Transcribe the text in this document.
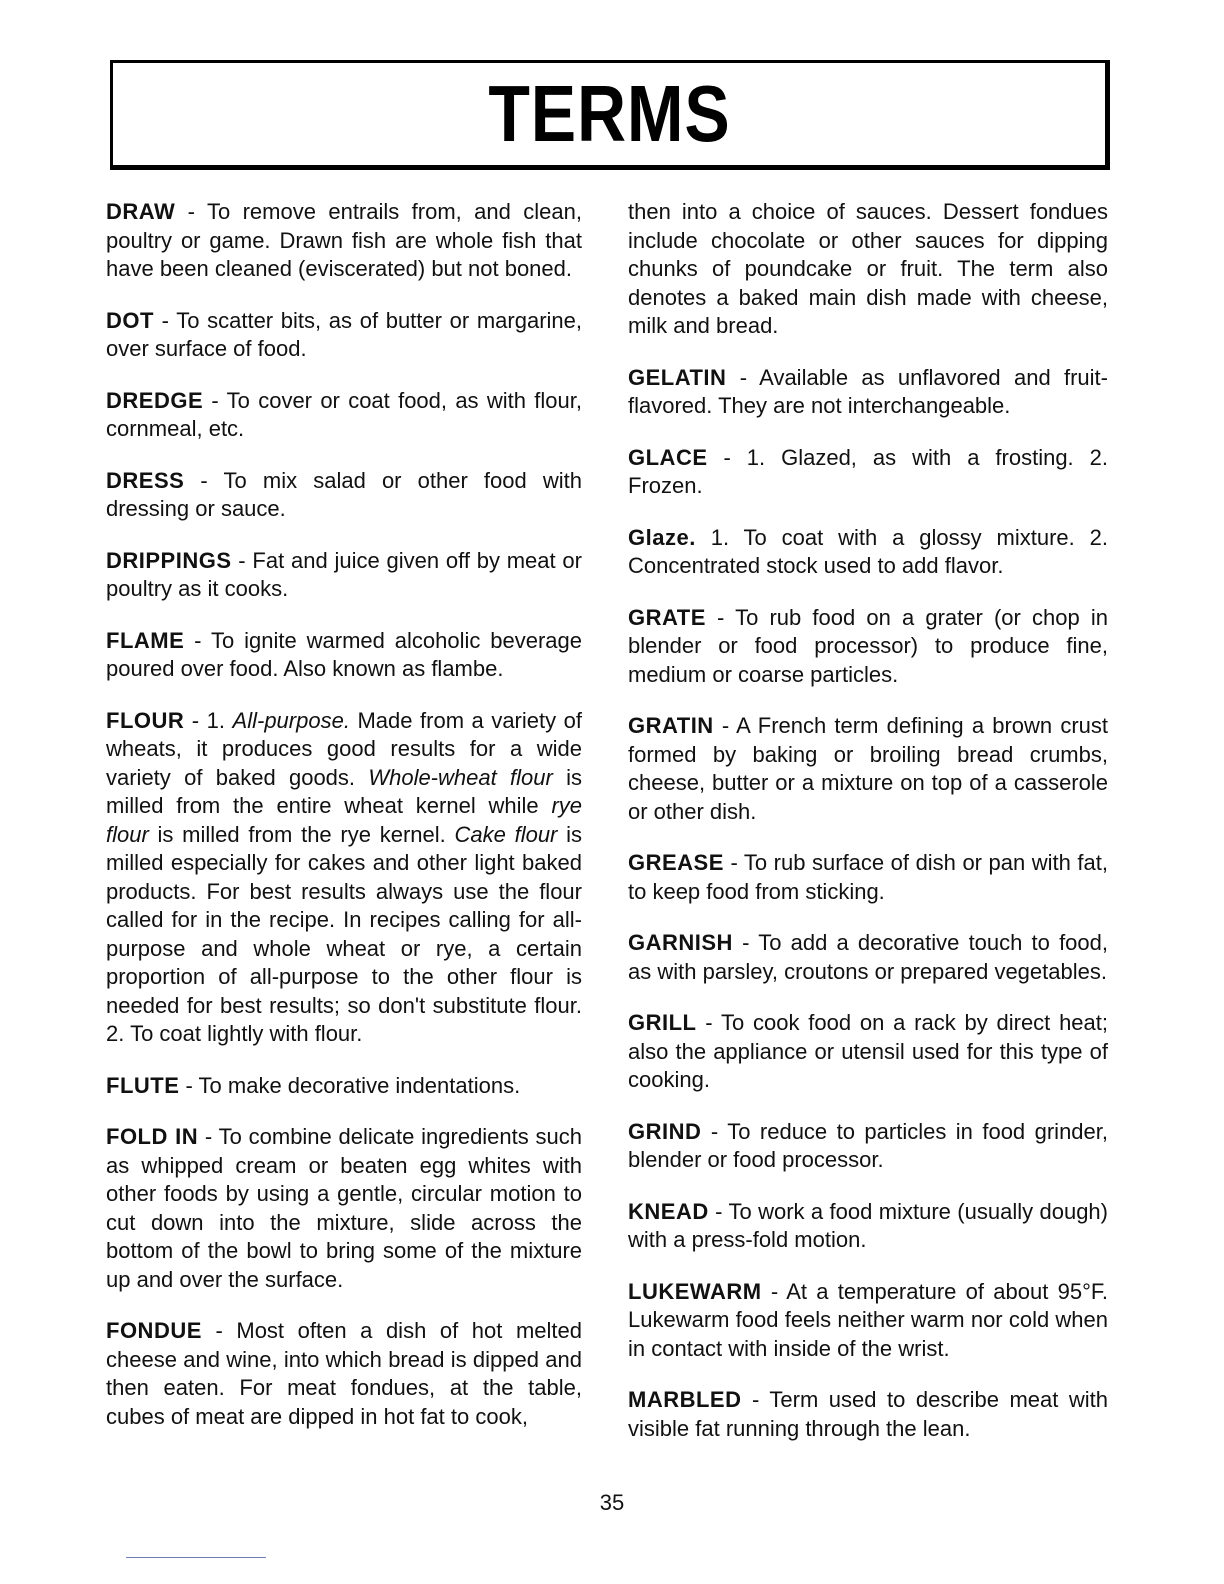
TERMS

DRAW - To remove entrails from, and clean, poultry or game. Drawn fish are whole fish that have been cleaned (eviscerated) but not boned.

DOT - To scatter bits, as of butter or margarine, over surface of food.

DREDGE - To cover or coat food, as with flour, cornmeal, etc.

DRESS - To mix salad or other food with dressing or sauce.

DRIPPINGS - Fat and juice given off by meat or poultry as it cooks.

FLAME - To ignite warmed alcoholic beverage poured over food. Also known as flambe.

FLOUR - 1. All-purpose. Made from a variety of wheats, it produces good results for a wide variety of baked goods. Whole-wheat flour is milled from the entire wheat kernel while rye flour is milled from the rye kernel. Cake flour is milled especially for cakes and other light baked products. For best results always use the flour called for in the recipe. In recipes calling for all-purpose and whole wheat or rye, a certain proportion of all-purpose to the other flour is needed for best results; so don't substitute flour. 2. To coat lightly with flour.

FLUTE - To make decorative indentations.

FOLD IN - To combine delicate ingredients such as whipped cream or beaten egg whites with other foods by using a gentle, circular motion to cut down into the mixture, slide across the bottom of the bowl to bring some of the mixture up and over the surface.

FONDUE - Most often a dish of hot melted cheese and wine, into which bread is dipped and then eaten. For meat fondues, at the table, cubes of meat are dipped in hot fat to cook,

then into a choice of sauces. Dessert fondues include chocolate or other sauces for dipping chunks of poundcake or fruit. The term also denotes a baked main dish made with cheese, milk and bread.

GELATIN - Available as unflavored and fruit-flavored. They are not interchangeable.

GLACE - 1. Glazed, as with a frosting. 2. Frozen.

Glaze. 1. To coat with a glossy mixture. 2. Concentrated stock used to add flavor.

GRATE - To rub food on a grater (or chop in blender or food processor) to produce fine, medium or coarse particles.

GRATIN - A French term defining a brown crust formed by baking or broiling bread crumbs, cheese, butter or a mixture on top of a casserole or other dish.

GREASE - To rub surface of dish or pan with fat, to keep food from sticking.

GARNISH - To add a decorative touch to food, as with parsley, croutons or prepared vegetables.

GRILL - To cook food on a rack by direct heat; also the appliance or utensil used for this type of cooking.

GRIND - To reduce to particles in food grinder, blender or food processor.

KNEAD - To work a food mixture (usually dough) with a press-fold motion.

LUKEWARM - At a temperature of about 95°F. Lukewarm food feels neither warm nor cold when in contact with inside of the wrist.

MARBLED - Term used to describe meat with visible fat running through the lean.

35
